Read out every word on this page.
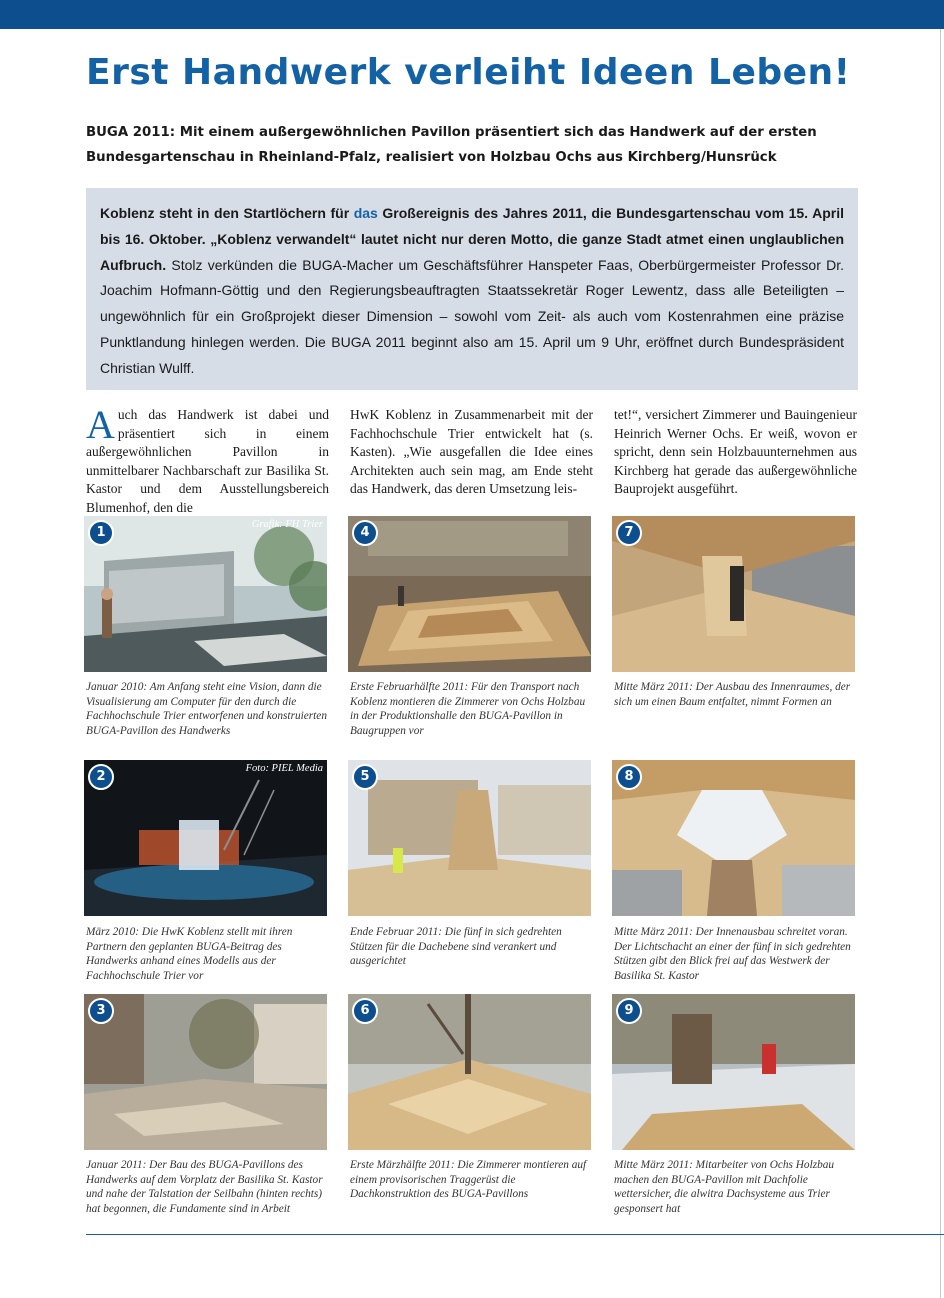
Erst Handwerk verleiht Ideen Leben!
BUGA 2011: Mit einem außergewöhnlichen Pavillon präsentiert sich das Handwerk auf der ersten Bundesgartenschau in Rheinland-Pfalz, realisiert von Holzbau Ochs aus Kirchberg/Hunsrück

Koblenz steht in den Startlöchern für das Großereignis des Jahres 2011, die Bundesgartenschau vom 15. April bis 16. Oktober. „Koblenz verwandelt“ lautet nicht nur deren Motto, die ganze Stadt atmet einen unglaublichen Aufbruch. Stolz verkünden die BUGA-Macher um Geschäftsführer Hanspeter Faas, Oberbürgermeister Professor Dr. Joachim Hofmann-Göttig und den Regierungsbeauftragten Staatssekretär Roger Lewentz, dass alle Beteiligten – ungewöhnlich für ein Großprojekt dieser Dimension – sowohl vom Zeit- als auch vom Kostenrahmen eine präzise Punktlandung hinlegen werden. Die BUGA 2011 beginnt also am 15. April um 9 Uhr, eröffnet durch Bundespräsident Christian Wulff.

Auch das Handwerk ist dabei und präsentiert sich in einem außergewöhnlichen Pavillon in unmittelbarer Nachbarschaft zur Basilika St. Kastor und dem Ausstellungsbereich Blumenhof, den die
HwK Koblenz in Zusammenarbeit mit der Fachhochschule Trier entwickelt hat (s. Kasten). „Wie ausgefallen die Idee eines Architekten auch sein mag, am Ende steht das Handwerk, das deren Umsetzung leis-
tet!“, versichert Zimmerer und Bauingenieur Heinrich Werner Ochs. Er weiß, wovon er spricht, denn sein Holzbauunternehmen aus Kirchberg hat gerade das außergewöhnliche Bauprojekt ausgeführt.
1
Grafik: FH Trier
Januar 2010: Am Anfang steht eine Vision, dann die Visualisierung am Computer für den durch die Fachhochschule Trier entworfenen und konstruierten BUGA-Pavillon des Handwerks
4
Erste Februarhälfte 2011: Für den Transport nach Koblenz montieren die Zimmerer von Ochs Holzbau in der Produktionshalle den BUGA-Pavillon in Baugruppen vor
7
Mitte März 2011: Der Ausbau des Innenraumes, der sich um einen Baum entfaltet, nimmt Formen an
2
Foto: PIEL Media
März 2010: Die HwK Koblenz stellt mit ihren Partnern den geplanten BUGA-Beitrag des Handwerks anhand eines Modells aus der Fachhochschule Trier vor
5
Ende Februar 2011: Die fünf in sich gedrehten Stützen für die Dachebene sind verankert und ausgerichtet
8
Mitte März 2011: Der Innenausbau schreitet voran. Der Lichtschacht an einer der fünf in sich gedrehten Stützen gibt den Blick frei auf das Westwerk der Basilika St. Kastor
3
Januar 2011: Der Bau des BUGA-Pavillons des Handwerks auf dem Vorplatz der Basilika St. Kastor und nahe der Talstation der Seilbahn (hinten rechts) hat begonnen, die Fundamente sind in Arbeit
6
Erste Märzhälfte 2011: Die Zimmerer montieren auf einem provisorischen Traggerüst die Dachkonstruktion des BUGA-Pavillons
9
Mitte März 2011: Mitarbeiter von Ochs Holzbau machen den BUGA-Pavillon mit Dachfolie wettersicher, die alwitra Dachsysteme aus Trier gesponsert hat
